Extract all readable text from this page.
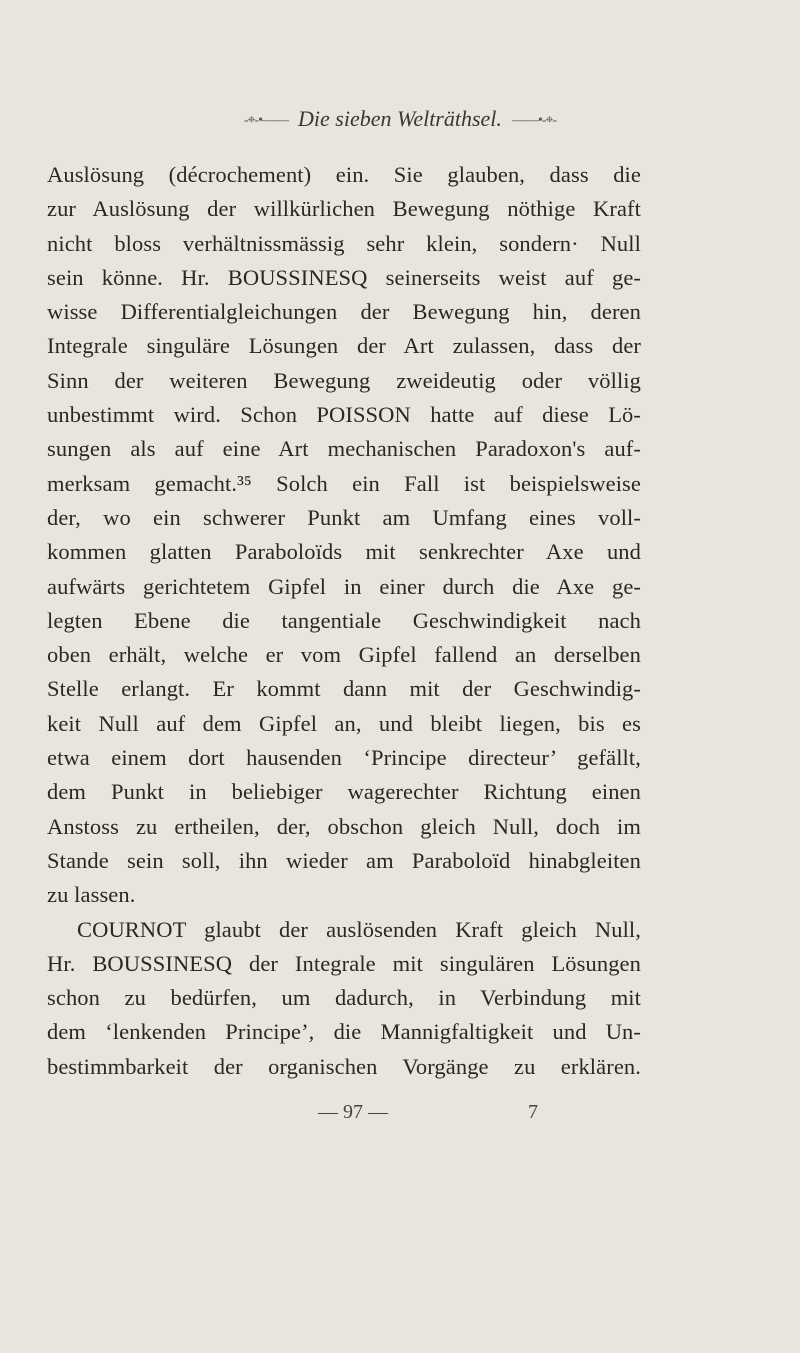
-⌖-•—— Die sieben Welträthsel. ——•-⌖-
Auslösung (décrochement) ein. Sie glauben, dass die
zur Auslösung der willkürlichen Bewegung nöthige Kraft
nicht bloss verhältnissmässig sehr klein, sondern· Null
sein könne. Hr. BOUSSINESQ seinerseits weist auf ge-
wisse Differentialgleichungen der Bewegung hin, deren
Integrale singuläre Lösungen der Art zulassen, dass der
Sinn der weiteren Bewegung zweideutig oder völlig
unbestimmt wird. Schon POISSON hatte auf diese Lö-
sungen als auf eine Art mechanischen Paradoxon's auf-
merksam gemacht.³⁵ Solch ein Fall ist beispielsweise
der, wo ein schwerer Punkt am Umfang eines voll-
kommen glatten Paraboloïds mit senkrechter Axe und
aufwärts gerichtetem Gipfel in einer durch die Axe ge-
legten Ebene die tangentiale Geschwindigkeit nach
oben erhält, welche er vom Gipfel fallend an derselben
Stelle erlangt. Er kommt dann mit der Geschwindig-
keit Null auf dem Gipfel an, und bleibt liegen, bis es
etwa einem dort hausenden ‘Principe directeur’ gefällt,
dem Punkt in beliebiger wagerechter Richtung einen
Anstoss zu ertheilen, der, obschon gleich Null, doch im
Stande sein soll, ihn wieder am Paraboloïd hinabgleiten
zu lassen.
COURNOT glaubt der auslösenden Kraft gleich Null,
Hr. BOUSSINESQ der Integrale mit singulären Lösungen
schon zu bedürfen, um dadurch, in Verbindung mit
dem ‘lenkenden Principe’, die Mannigfaltigkeit und Un-
bestimmbarkeit der organischen Vorgänge zu erklären.
— 97 —	7
